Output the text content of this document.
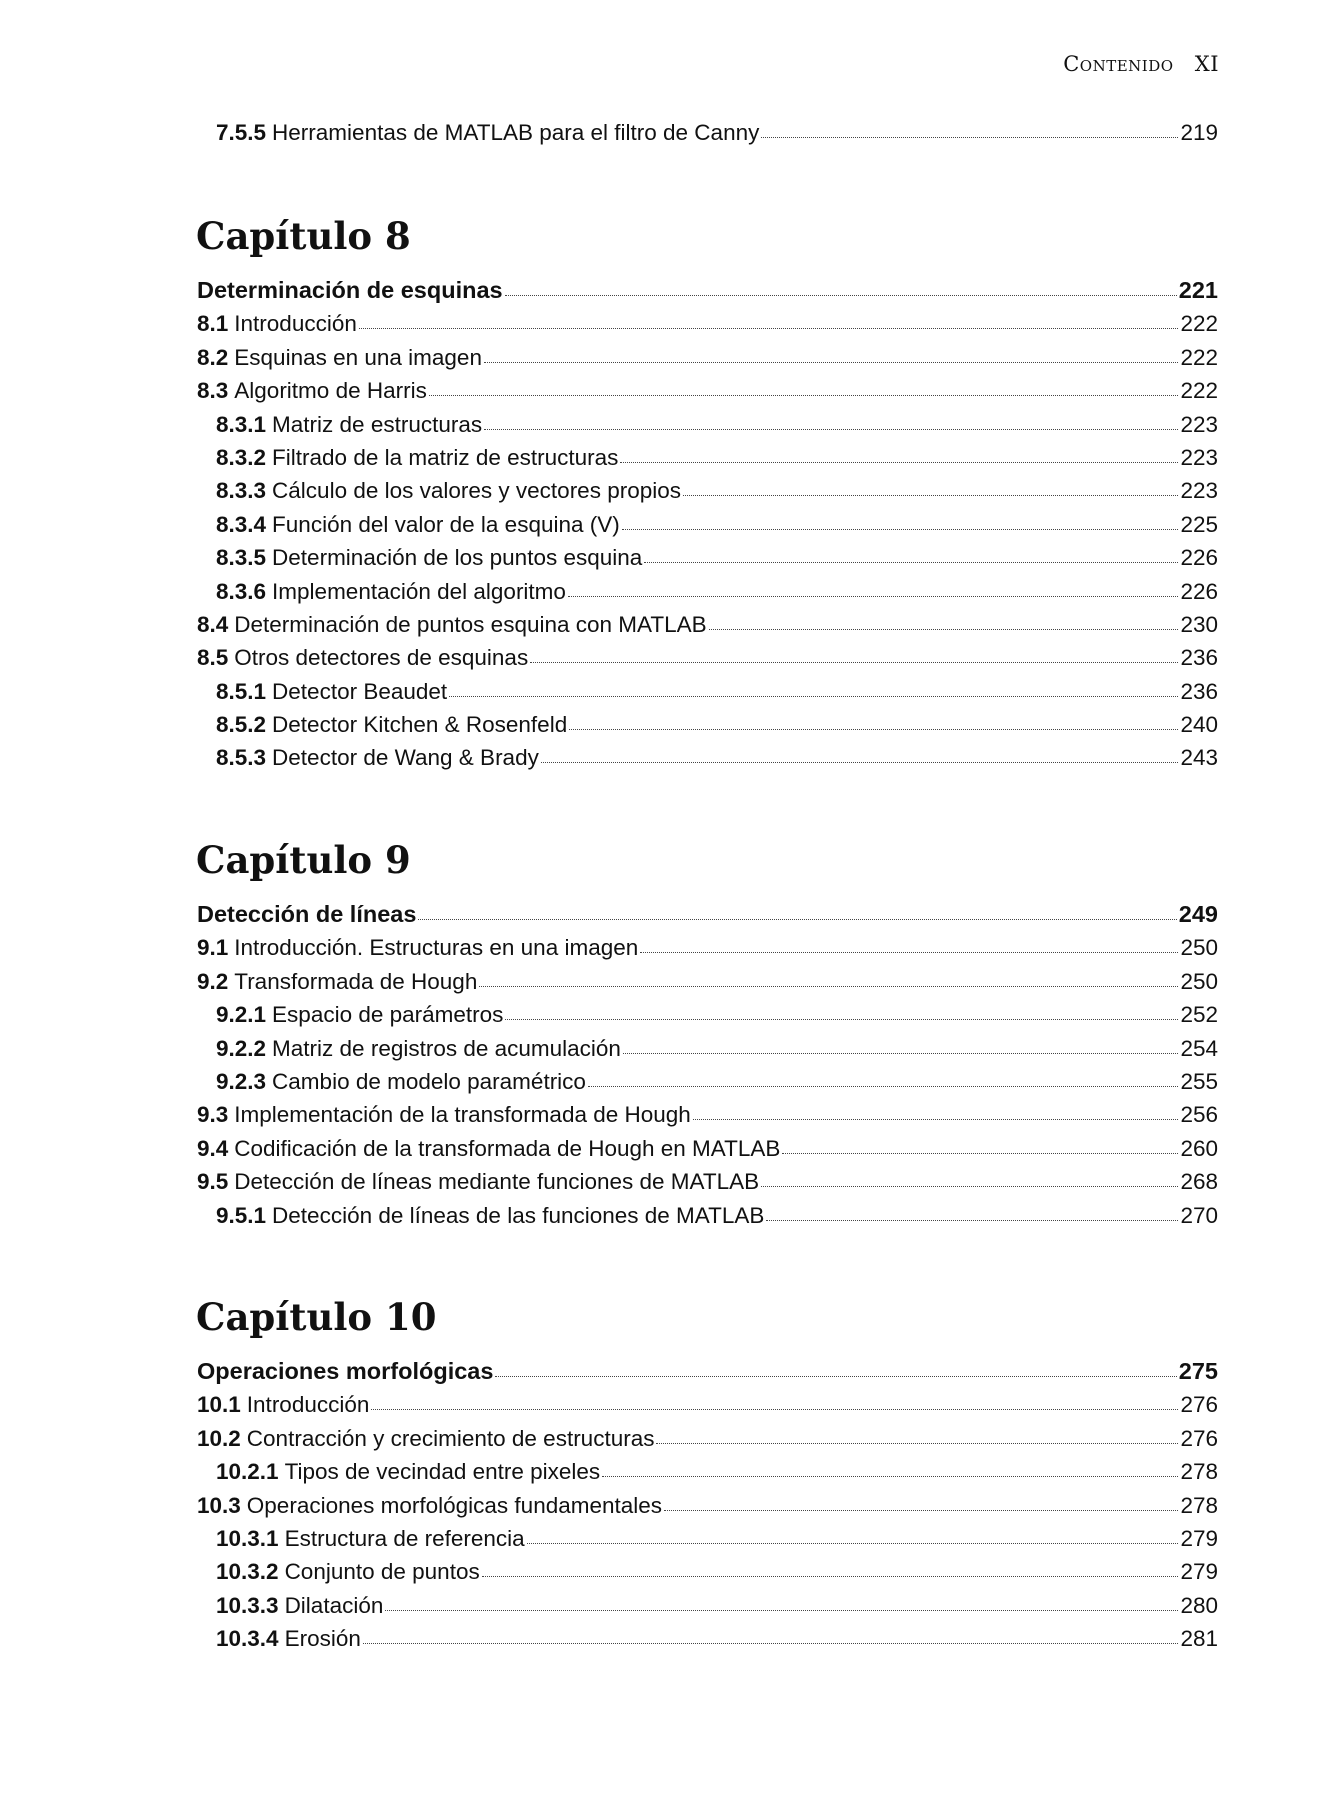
Contenido XI
7.5.5 Herramientas de MATLAB para el filtro de Canny	219
Capítulo 8
Determinación de esquinas	221
8.1 Introducción	222
8.2 Esquinas en una imagen	222
8.3 Algoritmo de Harris	222
8.3.1 Matriz de estructuras	223
8.3.2 Filtrado de la matriz de estructuras	223
8.3.3 Cálculo de los valores y vectores propios	223
8.3.4 Función del valor de la esquina (V)	225
8.3.5 Determinación de los puntos esquina	226
8.3.6 Implementación del algoritmo	226
8.4 Determinación de puntos esquina con MATLAB	230
8.5 Otros detectores de esquinas	236
8.5.1 Detector Beaudet	236
8.5.2 Detector Kitchen & Rosenfeld	240
8.5.3 Detector de Wang & Brady	243
Capítulo 9
Detección de líneas	249
9.1 Introducción. Estructuras en una imagen	250
9.2 Transformada de Hough	250
9.2.1 Espacio de parámetros	252
9.2.2 Matriz de registros de acumulación	254
9.2.3 Cambio de modelo paramétrico	255
9.3 Implementación de la transformada de Hough	256
9.4 Codificación de la transformada de Hough en MATLAB	260
9.5 Detección de líneas mediante funciones de MATLAB	268
9.5.1 Detección de líneas de las funciones de MATLAB	270
Capítulo 10
Operaciones morfológicas	275
10.1 Introducción	276
10.2 Contracción y crecimiento de estructuras	276
10.2.1 Tipos de vecindad entre pixeles	278
10.3 Operaciones morfológicas fundamentales	278
10.3.1 Estructura de referencia	279
10.3.2 Conjunto de puntos	279
10.3.3 Dilatación	280
10.3.4 Erosión	281
